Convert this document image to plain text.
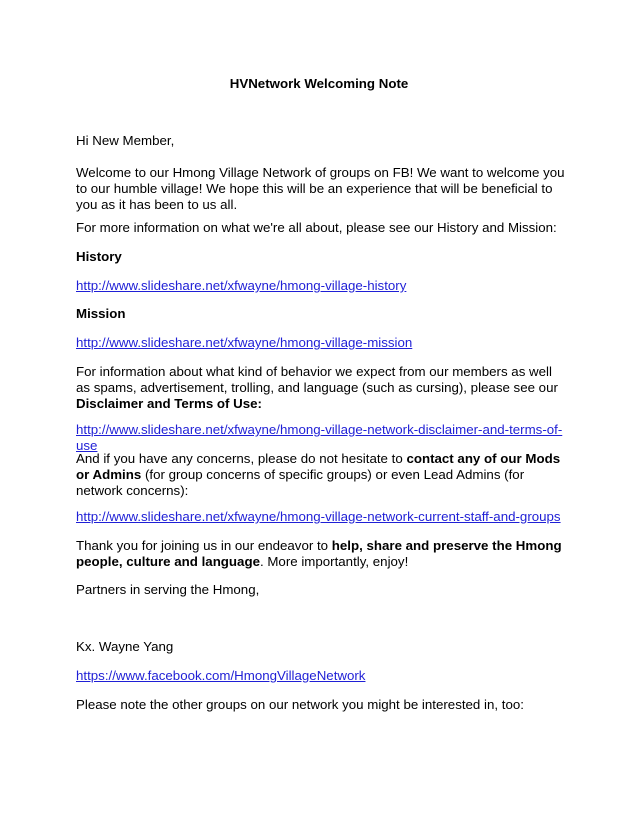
HVNetwork Welcoming Note

Hi New Member,

Welcome to our Hmong Village Network of groups on FB! We want to welcome you to our humble village! We hope this will be an experience that will be beneficial to you as it has been to us all.

For more information on what we're all about, please see our History and Mission:

History

http://www.slideshare.net/xfwayne/hmong-village-history

Mission

http://www.slideshare.net/xfwayne/hmong-village-mission

For information about what kind of behavior we expect from our members as well as spams, advertisement, trolling, and language (such as cursing), please see our Disclaimer and Terms of Use:

http://www.slideshare.net/xfwayne/hmong-village-network-disclaimer-and-terms-of-use

And if you have any concerns, please do not hesitate to contact any of our Mods or Admins (for group concerns of specific groups) or even Lead Admins (for network concerns):

http://www.slideshare.net/xfwayne/hmong-village-network-current-staff-and-groups

Thank you for joining us in our endeavor to help, share and preserve the Hmong people, culture and language. More importantly, enjoy!

Partners in serving the Hmong,

Kx. Wayne Yang

https://www.facebook.com/HmongVillageNetwork

Please note the other groups on our network you might be interested in, too:
